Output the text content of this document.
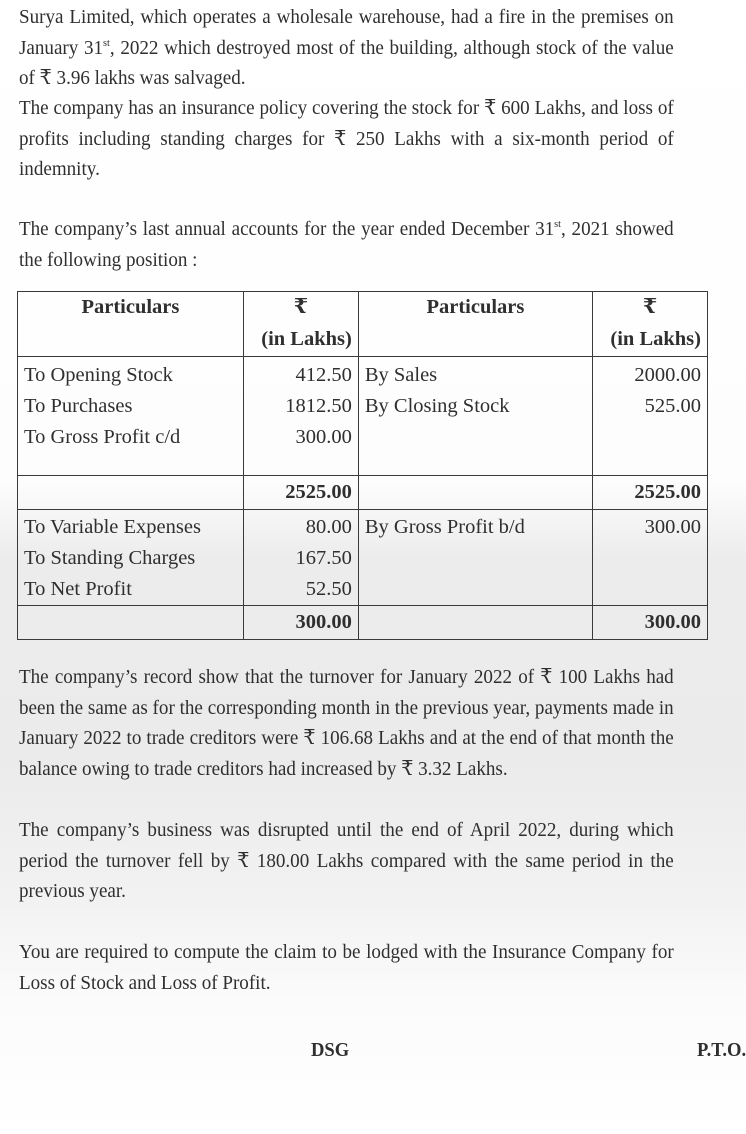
Surya Limited, which operates a wholesale warehouse, had a fire in the premises on January 31st, 2022 which destroyed most of the building, although stock of the value of ₹ 3.96 lakhs was salvaged.

The company has an insurance policy covering the stock for ₹ 600 Lakhs, and loss of profits including standing charges for ₹ 250 Lakhs with a six-month period of indemnity.

The company’s last annual accounts for the year ended December 31st, 2021 showed the following position :

Particulars	₹	Particulars	₹
	(in Lakhs)		(in Lakhs)
To Opening Stock	412.50	By Sales	2000.00
To Purchases	1812.50	By Closing Stock	525.00
To Gross Profit c/d	300.00		

	2525.00		2525.00
To Variable Expenses	80.00	By Gross Profit b/d	300.00
To Standing Charges	167.50		
To Net Profit	52.50		
	300.00		300.00

The company’s record show that the turnover for January 2022 of ₹ 100 Lakhs had been the same as for the corresponding month in the previous year, payments made in January 2022 to trade creditors were ₹ 106.68 Lakhs and at the end of that month the balance owing to trade creditors had increased by ₹ 3.32 Lakhs.

The company’s business was disrupted until the end of April 2022, during which period the turnover fell by ₹ 180.00 Lakhs compared with the same period in the previous year.

You are required to compute the claim to be lodged with the Insurance Company for Loss of Stock and Loss of Profit.

DSG	P.T.O.
